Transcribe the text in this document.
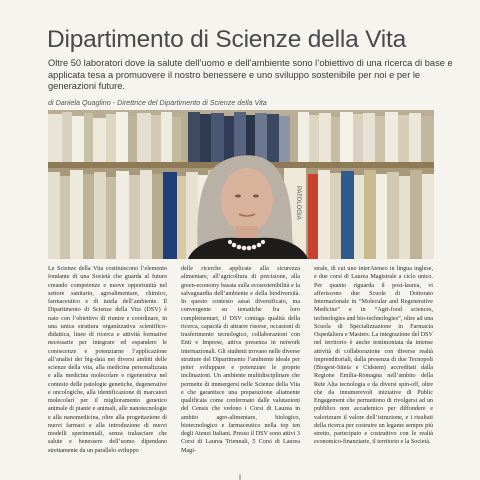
Dipartimento di Scienze della Vita
Oltre 50 laboratori dove la salute dell’uomo e dell’ambiente sono l’obiettivo di una ricerca di base e applicata tesa a promuovere il nostro benessere e uno sviluppo sostenibile per noi e per le generazioni future.
di Daniela Quaglino - Direttrice del Dipartimento di Scienze della Vita
PATOLOGIA

Le Scienze della Vita costituiscono l’elemento fondante di una Società che guarda al futuro creando competenze e nuove opportunità nel settore sanitario, agroalimentare, chimico, farmaceutico e di tutela dell’ambiente. Il Dipartimento di Scienze della Vita (DSV) è nato con l’obiettivo di riunire e coordinare, in una unica struttura organizzativa scientifico-didattica, linee di ricerca e attività formative necessarie per integrare ed espandere le conoscenze e potenziarne l’applicazione all’analisi dei big-data nei diversi ambiti delle scienze della vita, alla medicina personalizzata e alla medicina molecolare e rigenerativa nel contesto delle patologie genetiche, degenerative e oncologiche, alla identificazione di marcatori molecolari per il miglioramento genetico animale di piante e animali, alle nanotecnologie e alla nanomedicina, oltre alla progettazione di nuovi farmaci e alla introduzione di nuovi modelli sperimentali, senza tralasciare che salute e benessere dell’uomo dipendano strettamente da un parallelo sviluppo

delle ricerche applicate alla sicurezza alimentare, all’agricoltura di precisione, alla green-economy basata sulla ecosostenibilità e la salvaguardia dell’ambiente e della biodiversità. In questo contesto assai diversificato, ma convergente su tematiche fra loro complementari, il DSV coniuga qualità della ricerca, capacità di attrarre risorse, occasioni di trasferimento tecnologico, collaborazioni con Enti e Imprese, attiva presenza in network internazionali. Gli studenti trovano nelle diverse strutture del Dipartimento l’ambiente ideale per poter sviluppare e potenziare le proprie inclinazioni. Un ambiente multidisciplinare che permette di immergersi nelle Scienze della Vita e che garantisce una preparazione altamente qualificata come confermato dalle valutazioni del Censis che vedono i Corsi di Laurea in ambito agro-alimentare, biologico, biotecnologico e farmaceutico nella top ten degli Atenei Italiani. Presso il DSV sono attivi 3 Corsi di Laurea Triennali, 5 Corsi di Laurea Magi-

strale, di cui uno interAteneo in lingua inglese, e due corsi di Laurea Magistrale a ciclo unico. Per quanto riguarda il post-laurea, vi afferiscono due Scuole di Dottorato Internazionale in “Molecular and Regenerative Medicine” e in “Agri-food sciences, technologies and bio-technologies”, oltre ad una Scuola di Specializzazione in Farmacia Ospedaliera e Masters. La integrazione del DSV nel territorio è anche testimoniata da intense attività di collaborazione con diverse realtà imprenditoriali, dalla presenza di due Tecnopoli (Biogest-Siteia e Cidstem) accreditati dalla Regione Emilia-Romagna nell’ambito della Rete Alta tecnologia e da diversi spin-off, oltre che da innumerevoli iniziative di Public Engagement che permettono di rivolgersi ad un pubblico non accademico per diffondere e valorizzare il valore dell’istruzione, e i risultati della ricerca per costruire un legame sempre più stretto, partecipato e costruttivo con le realtà economico-finanziarie, il territorio e la Società.
